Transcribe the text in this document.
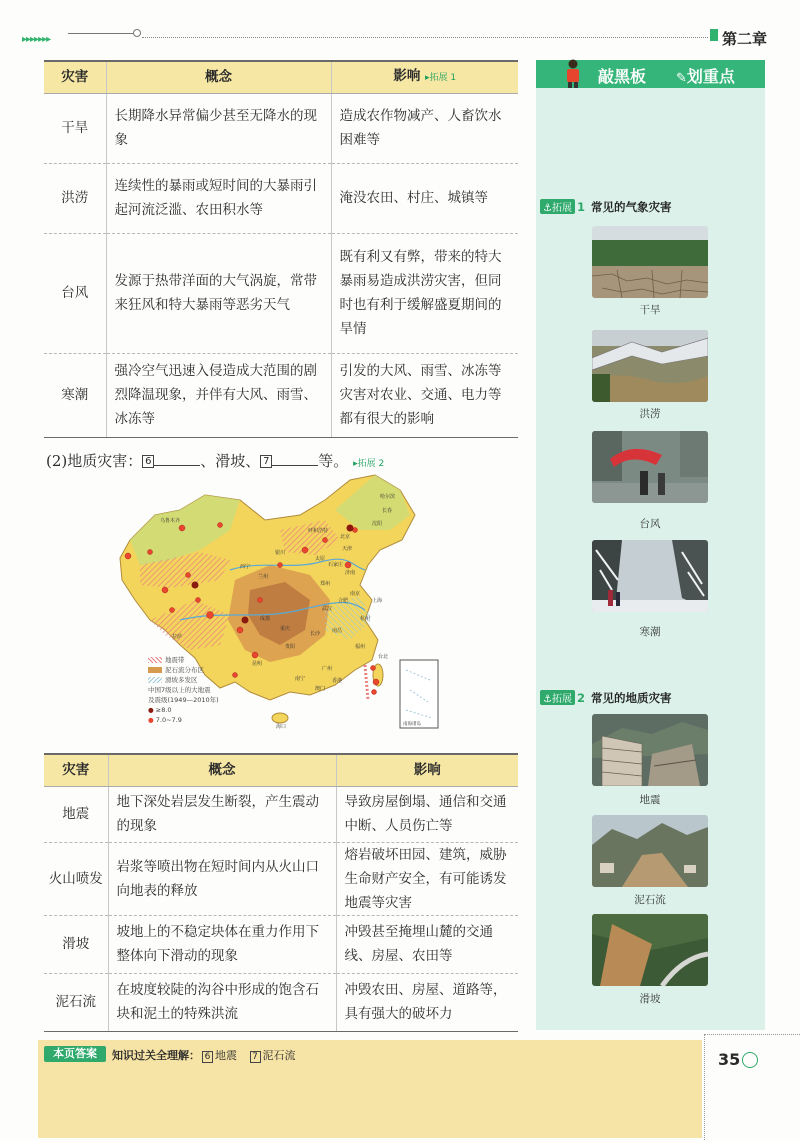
▸▸▸▸▸▸▸	第二章
灾害	概念	影响 ▸拓展 1
干旱	长期降水异常偏少甚至无降水的现象	造成农作物减产、人畜饮水困难等
洪涝	连续性的暴雨或短时间的大暴雨引起河流泛滥、农田积水等	淹没农田、村庄、城镇等
台风	发源于热带洋面的大气涡旋，常带来狂风和特大暴雨等恶劣天气	既有利又有弊，带来的特大暴雨易造成洪涝灾害，但同时也有利于缓解盛夏期间的旱情
寒潮	强冷空气迅速入侵造成大范围的剧烈降温现象，并伴有大风、雨雪、冰冻等	引发的大风、雨雪、冰冻等灾害对农业、交通、电力等都有很大的影响
(2)地质灾害： 6	、滑坡、 7	等。 ▸拓展 2
乌鲁木齐
哈尔滨
长春
沈阳
北京
呼和浩特
天津
银川
太原
石家庄
济南
西宁
兰州
郑州
拉萨
成都
重庆
武汉
南京
上海
杭州
合肥
长沙 南昌
贵阳
昆明
福州
台北
广州
南宁	香港
澳门
海口	南海诸岛
地震带
泥石流分布区
滑坡多发区
中国7级以上的大地震
及震级(1949—2010年)
● ≥8.0
● 7.0~7.9
灾害	概念	影响
地震	地下深处岩层发生断裂，产生震动的现象	导致房屋倒塌、通信和交通中断、人员伤亡等
火山喷发	岩浆等喷出物在短时间内从火山口向地表的释放	熔岩破坏田园、建筑，威胁生命财产安全，有可能诱发地震等灾害
滑坡	坡地上的不稳定块体在重力作用下整体向下滑动的现象	冲毁甚至掩埋山麓的交通线、房屋、农田等
泥石流	在坡度较陡的沟谷中形成的饱含石块和泥土的特殊洪流	冲毁农田、房屋、道路等，具有强大的破坏力
敲黑板 ✎划重点
⚓拓展 1 常见的气象灾害
干旱
洪涝
台风
寒潮
⚓拓展 2 常见的地质灾害
地震
泥石流
滑坡
本页答案	知识过关全理解： 6 地震 7 泥石流	35
